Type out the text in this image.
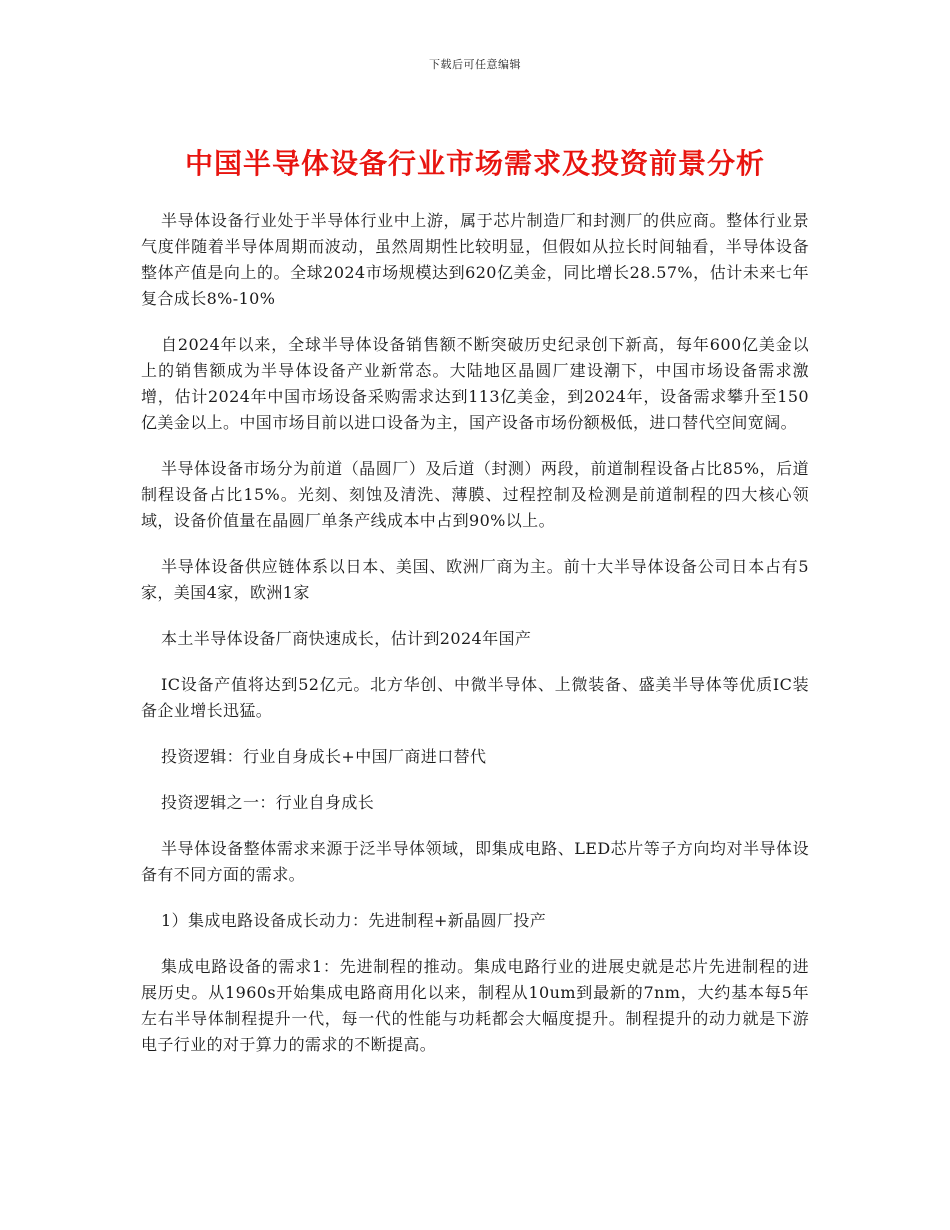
下载后可任意编辑
中国半导体设备行业市场需求及投资前景分析

半导体设备行业处于半导体行业中上游，属于芯片制造厂和封测厂的供应商。整体行业景气度伴随着半导体周期而波动，虽然周期性比较明显，但假如从拉长时间轴看，半导体设备整体产值是向上的。全球2024市场规模达到620亿美金，同比增长28.57%，估计未来七年复合成长8%-10%

自2024年以来，全球半导体设备销售额不断突破历史纪录创下新高，每年600亿美金以上的销售额成为半导体设备产业新常态。大陆地区晶圆厂建设潮下，中国市场设备需求激增，估计2024年中国市场设备采购需求达到113亿美金，到2024年，设备需求攀升至150亿美金以上。中国市场目前以进口设备为主，国产设备市场份额极低，进口替代空间宽阔。

半导体设备市场分为前道（晶圆厂）及后道（封测）两段，前道制程设备占比85%，后道制程设备占比15%。光刻、刻蚀及清洗、薄膜、过程控制及检测是前道制程的四大核心领域，设备价值量在晶圆厂单条产线成本中占到90%以上。

半导体设备供应链体系以日本、美国、欧洲厂商为主。前十大半导体设备公司日本占有5家，美国4家，欧洲1家

本土半导体设备厂商快速成长，估计到2024年国产

IC设备产值将达到52亿元。北方华创、中微半导体、上微装备、盛美半导体等优质IC装备企业增长迅猛。

投资逻辑：行业自身成长+中国厂商进口替代

投资逻辑之一：行业自身成长

半导体设备整体需求来源于泛半导体领域，即集成电路、LED芯片等子方向均对半导体设备有不同方面的需求。

1）集成电路设备成长动力：先进制程+新晶圆厂投产

集成电路设备的需求1：先进制程的推动。集成电路行业的进展史就是芯片先进制程的进展历史。从1960s开始集成电路商用化以来，制程从10um到最新的7nm，大约基本每5年左右半导体制程提升一代，每一代的性能与功耗都会大幅度提升。制程提升的动力就是下游电子行业的对于算力的需求的不断提高。
